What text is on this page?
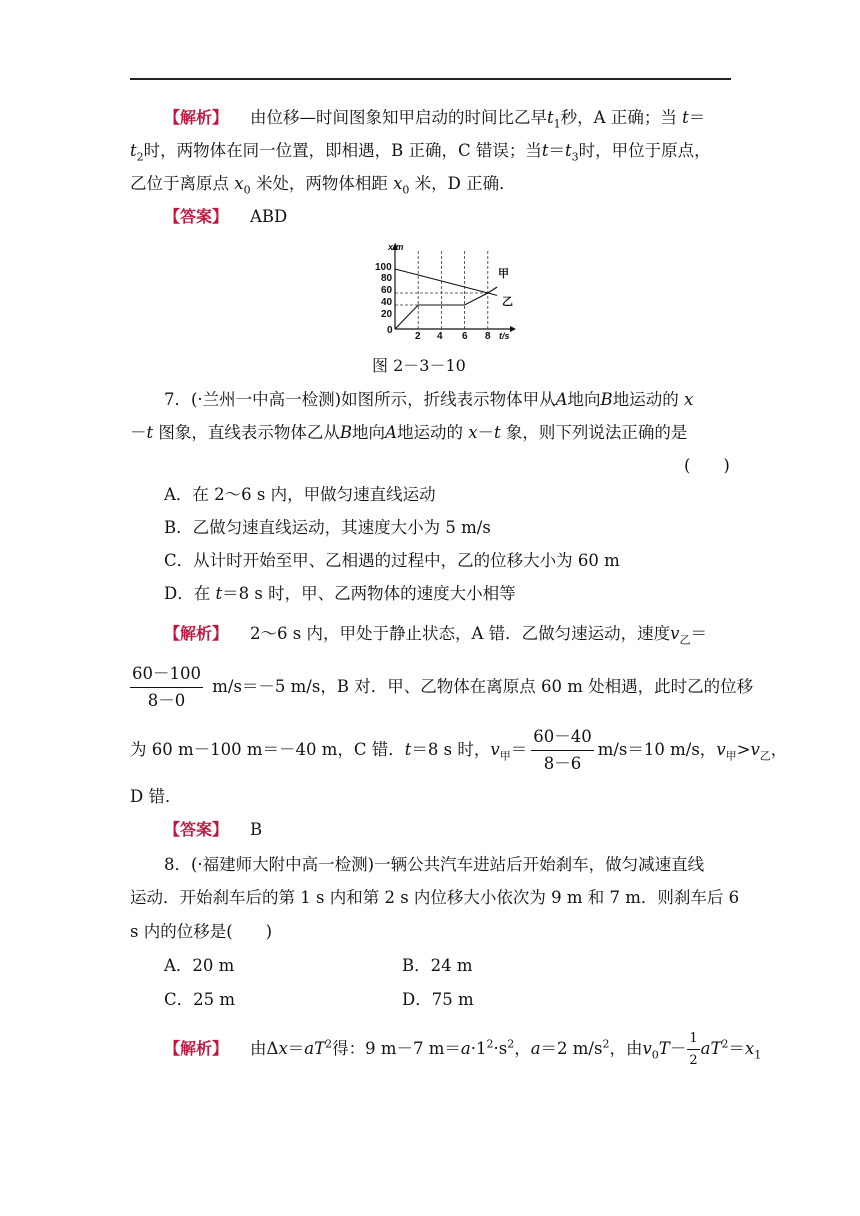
【解析】 由位移—时间图象知甲启动的时间比乙早$t_1$秒，A 正确；当 t＝
$t_2$时，两物体在同一位置，即相遇，B 正确，C 错误；当$t=t_3$时，甲位于原点，
乙位于离原点 $x_0$ 米处，两物体相距 $x_0$ 米，D 正确．
【答案】 ABD
x/m
t/s
100
80
60
40
20
0
2 4 6 8
甲
乙
图 2－3－10
7．(·兰州一中高一检测)如图所示，折线表示物体甲从A地向B地运动的 x
－t 图象，直线表示物体乙从B地向A地运动的 x－t 象，则下列说法正确的是
(　　)
A．在 2～6 s 内，甲做匀速直线运动
B．乙做匀速直线运动，其速度大小为 5 m/s
C．从计时开始至甲、乙相遇的过程中，乙的位移大小为 60 m
D．在 t＝8 s 时，甲、乙两物体的速度大小相等
【解析】 2～6 s 内，甲处于静止状态，A 错．乙做匀速运动，速度$v_乙=$
$\frac{60-100}{8-0} m/s=-5$ m/s，B 对．甲、乙物体在离原点 60 m 处相遇，此时乙的位移
为 60 m－100 m＝－40 m，C 错．t＝8 s 时，$v_甲= \frac{60-40}{8-6} m/s=10$ m/s，$v_甲>v_乙$，
D 错．
【答案】 B
8．(·福建师大附中高一检测)一辆公共汽车进站后开始刹车，做匀减速直线
运动．开始刹车后的第 1 s 内和第 2 s 内位移大小依次为 9 m 和 7 m．则刹车后 6
s 内的位移是(　　)
A．20 m	B．24 m
C．25 m	D．75 m
【解析】 由$\Delta x=aT^2$得：9 m－7 $m=a\cdot 1^2\cdot s^2$，a＝2 $m/s^2$，由$v_0T- \frac{1}{2} aT^2=x_1$
